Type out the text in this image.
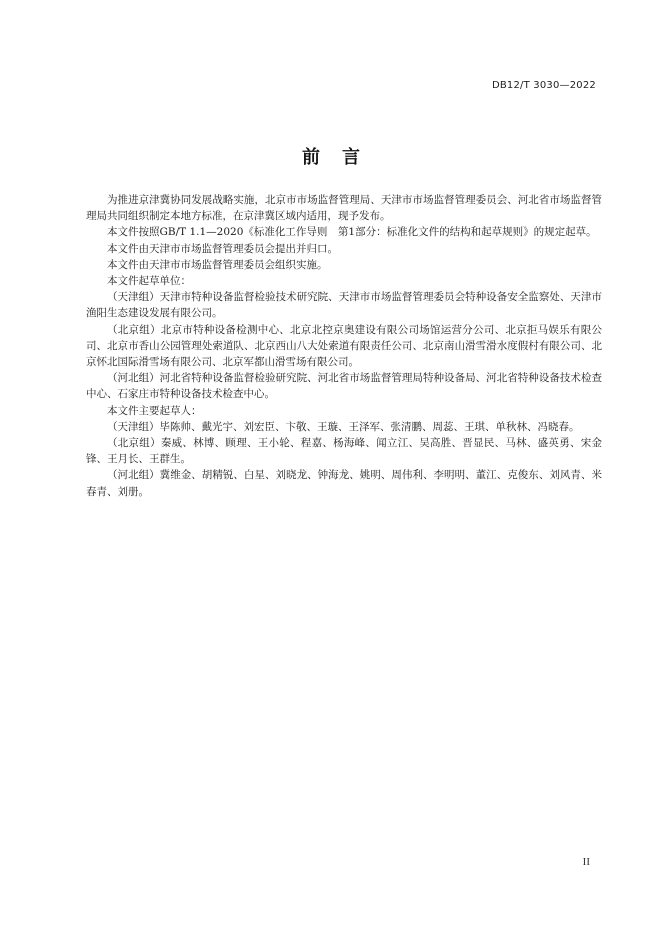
DB12/T 3030—2022
前言

为推进京津冀协同发展战略实施，北京市市场监督管理局、天津市市场监督管理委员会、河北省市场监督管理局共同组织制定本地方标准，在京津冀区域内适用，现予发布。

本文件按照GB/T 1.1—2020《标准化工作导则　第1部分：标准化文件的结构和起草规则》的规定起草。

本文件由天津市市场监督管理委员会提出并归口。

本文件由天津市市场监督管理委员会组织实施。

本文件起草单位：

（天津组）天津市特种设备监督检验技术研究院、天津市市场监督管理委员会特种设备安全监察处、天津市渔阳生态建设发展有限公司。

（北京组）北京市特种设备检测中心、北京北控京奥建设有限公司场馆运营分公司、北京拒马娱乐有限公司、北京市香山公园管理处索道队、北京西山八大处索道有限责任公司、北京南山滑雪滑水度假村有限公司、北京怀北国际滑雪场有限公司、北京军都山滑雪场有限公司。

（河北组）河北省特种设备监督检验研究院、河北省市场监督管理局特种设备局、河北省特种设备技术检查中心、石家庄市特种设备技术检查中心。

本文件主要起草人：

（天津组）毕陈帅、戴光宇、刘宏臣、卞敬、王璇、王泽军、张清鹏、周蕊、王琪、单秋林、冯晓春。

（北京组）秦威、林博、顾理、王小轮、程嘉、杨海峰、闻立江、吴高胜、晋显民、马林、盛英勇、宋金锋、王月长、王群生。

（河北组）冀维金、胡精锐、白星、刘晓龙、钟海龙、姚明、周伟利、李明明、董江、克俊东、刘风青、米春青、刘册。

II
